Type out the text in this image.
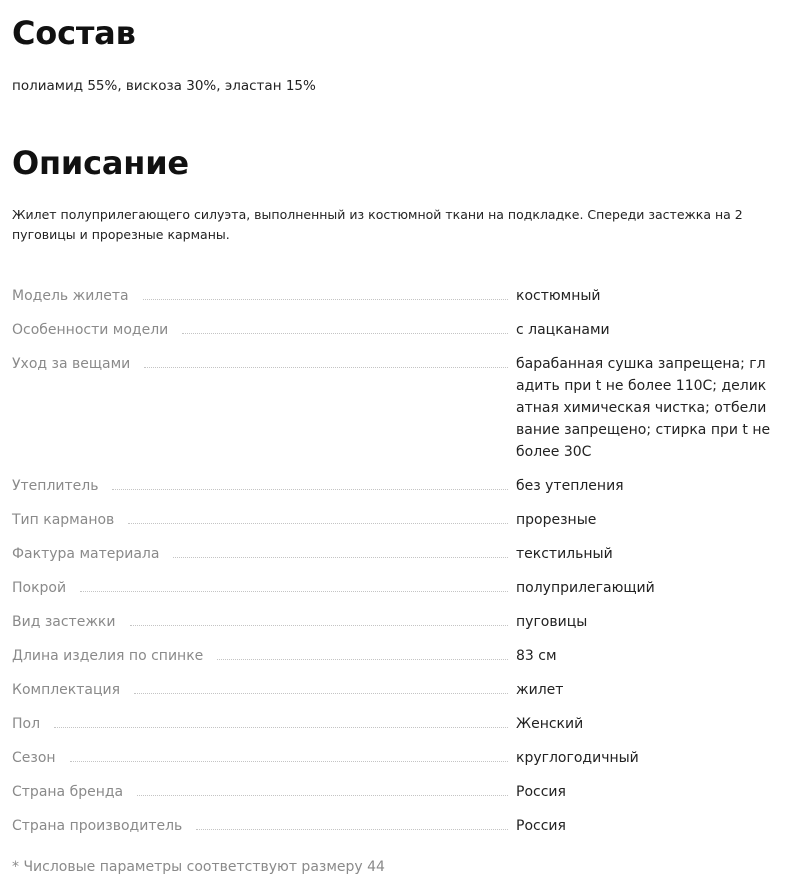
Состав
полиамид 55%, вискоза 30%, эластан 15%
Описание
Жилет полуприлегающего силуэта, выполненный из костюмной ткани на подкладке. Спереди застежка на 2 пуговицы и прорезные карманы.
Модель жилета	костюмный
Особенности модели	с лацканами
Уход за вещами	барабанная сушка запрещена; гладить при t не более 110С; деликатная химическая чистка; отбеливание запрещено; стирка при t не более 30С
Утеплитель	без утепления
Тип карманов	прорезные
Фактура материала	текстильный
Покрой	полуприлегающий
Вид застежки	пуговицы
Длина изделия по спинке	83 см
Комплектация	жилет
Пол	Женский
Сезон	круглогодичный
Страна бренда	Россия
Страна производитель	Россия
* Числовые параметры соответствуют размеру 44
